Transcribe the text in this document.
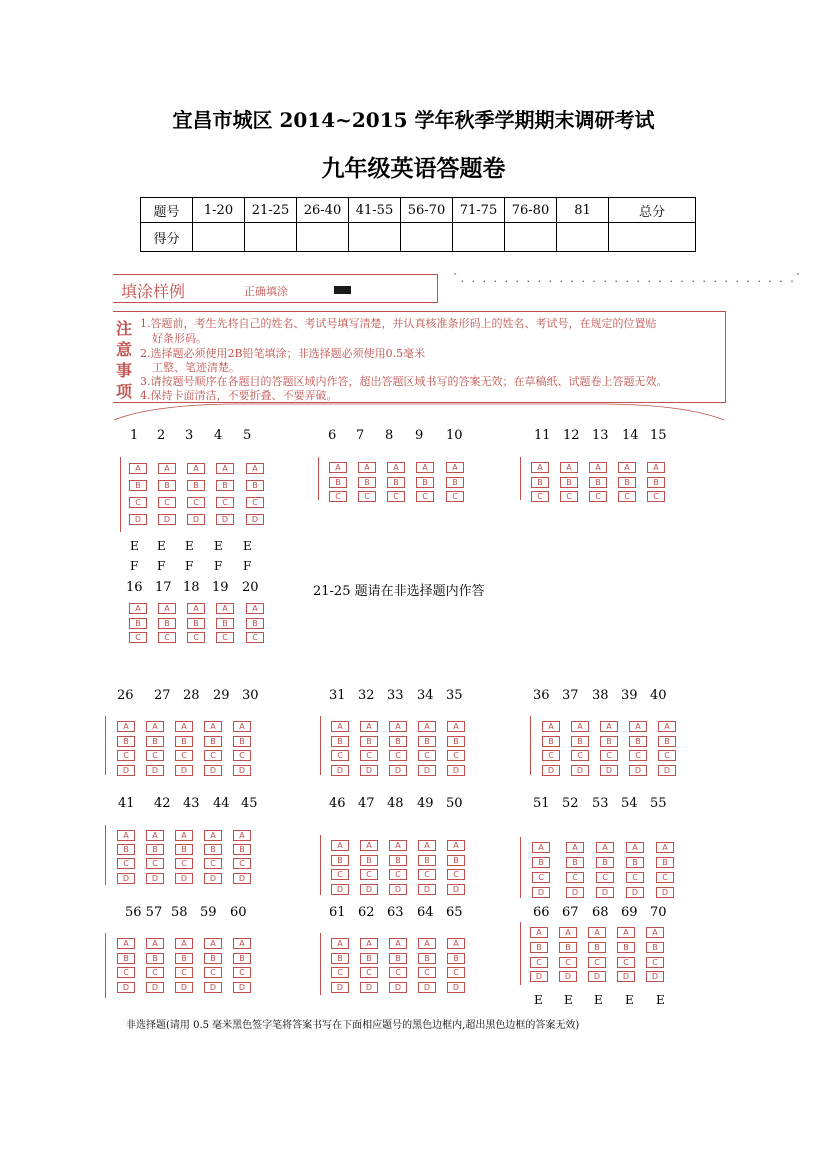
宜昌市城区 2014~2015 学年秋季学期期末调研考试
九年级英语答题卷
题号	1-20	21-25	26-40	41-55	56-70	71-75	76-80	81	总分
得分									
填涂样例	正确填涂
`. . . . . . . . . . . . . . . . . . . . . . . . . . . . . . .`
注意事项
1.答题前，考生先将自己的姓名、考试号填写清楚，并认真核准条形码上的姓名、考试号，在规定的位置贴
好条形码。
2.选择题必须使用2B铅笔填涂；非选择题必须使用0.5毫米
工整、笔迹清楚。
3.请按题号顺序在各题目的答题区域内作答，超出答题区域书写的答案无效；在草稿纸、试题卷上答题无效。
4.保持卡面清洁，不要折叠、不要弄破。
21-25 题请在非选择题内作答
非选择题(请用 0.5 毫米黑色签字笔将答案书写在下面相应题号的黑色边框内,超出黑色边框的答案无效)
1 2 3 4 5
A	A	A	A	A
B	B	B	B	B
C	C	C	C	C
D	D	D	D	D
6 7 8 9 10
A	A	A	A	A
B	B	B	B	B
C	C	C	C	C
11 12 13 14 15
A	A	A	A	A
B	B	B	B	B
C	C	C	C	C
16 17 18 19 20
A	A	A	A	A
B	B	B	B	B
C	C	C	C	C
26 27 28 29 30
A	A	A	A	A
B	B	B	B	B
C	C	C	C	C
D	D	D	D	D
31 32 33 34 35
A	A	A	A	A
B	B	B	B	B
C	C	C	C	C
D	D	D	D	D
36 37 38 39 40
A	A	A	A	A
B	B	B	B	B
C	C	C	C	C
D	D	D	D	D
41 42 43 44 45
A	A	A	A	A
B	B	B	B	B
C	C	C	C	C
D	D	D	D	D
46 47 48 49 50
A	A	A	A	A
B	B	B	B	B
C	C	C	C	C
D	D	D	D	D
51 52 53 54 55
A	A	A	A	A
B	B	B	B	B
C	C	C	C	C
D	D	D	D	D
56 57 58 59 60
A	A	A	A	A
B	B	B	B	B
C	C	C	C	C
D	D	D	D	D
61 62 63 64 65
A	A	A	A	A
B	B	B	B	B
C	C	C	C	C
D	D	D	D	D
66 67 68 69 70
A	A	A	A	A
B	B	B	B	B
C	C	C	C	C
D	D	D	D	D
E E E E E
F F F F F
E E E E E
